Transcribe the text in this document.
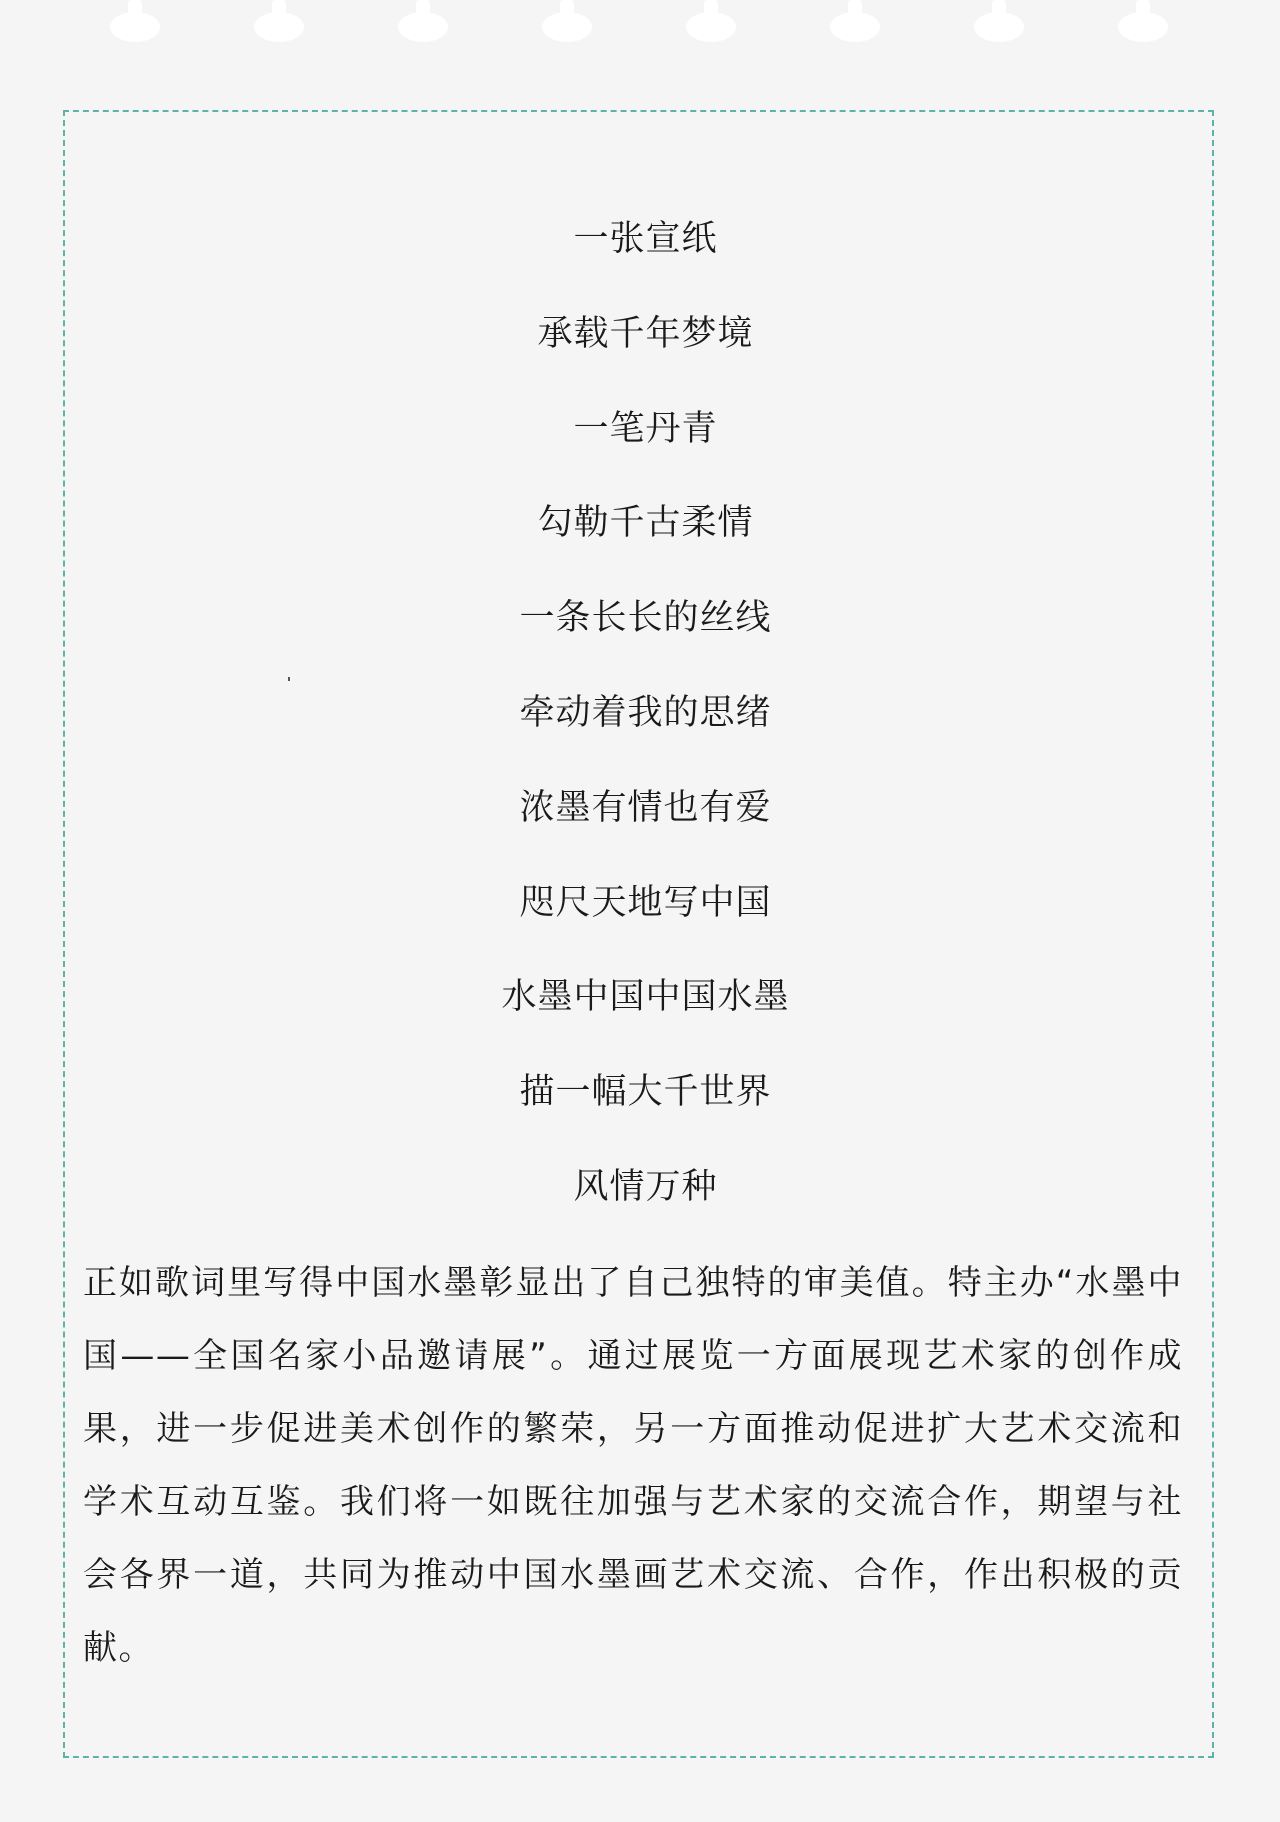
一张宣纸
承载千年梦境
一笔丹青
勾勒千古柔情
一条长长的丝线
牵动着我的思绪
浓墨有情也有爱
咫尺天地写中国
水墨中国中国水墨
描一幅大千世界
风情万种

正如歌词里写得中国水墨彰显出了自己独特的审美值。特主办“水墨中国——全国名家小品邀请展”。通过展览一方面展现艺术家的创作成果，进一步促进美术创作的繁荣，另一方面推动促进扩大艺术交流和学术互动互鉴。我们将一如既往加强与艺术家的交流合作，期望与社会各界一道，共同为推动中国水墨画艺术交流、合作，作出积极的贡献。
